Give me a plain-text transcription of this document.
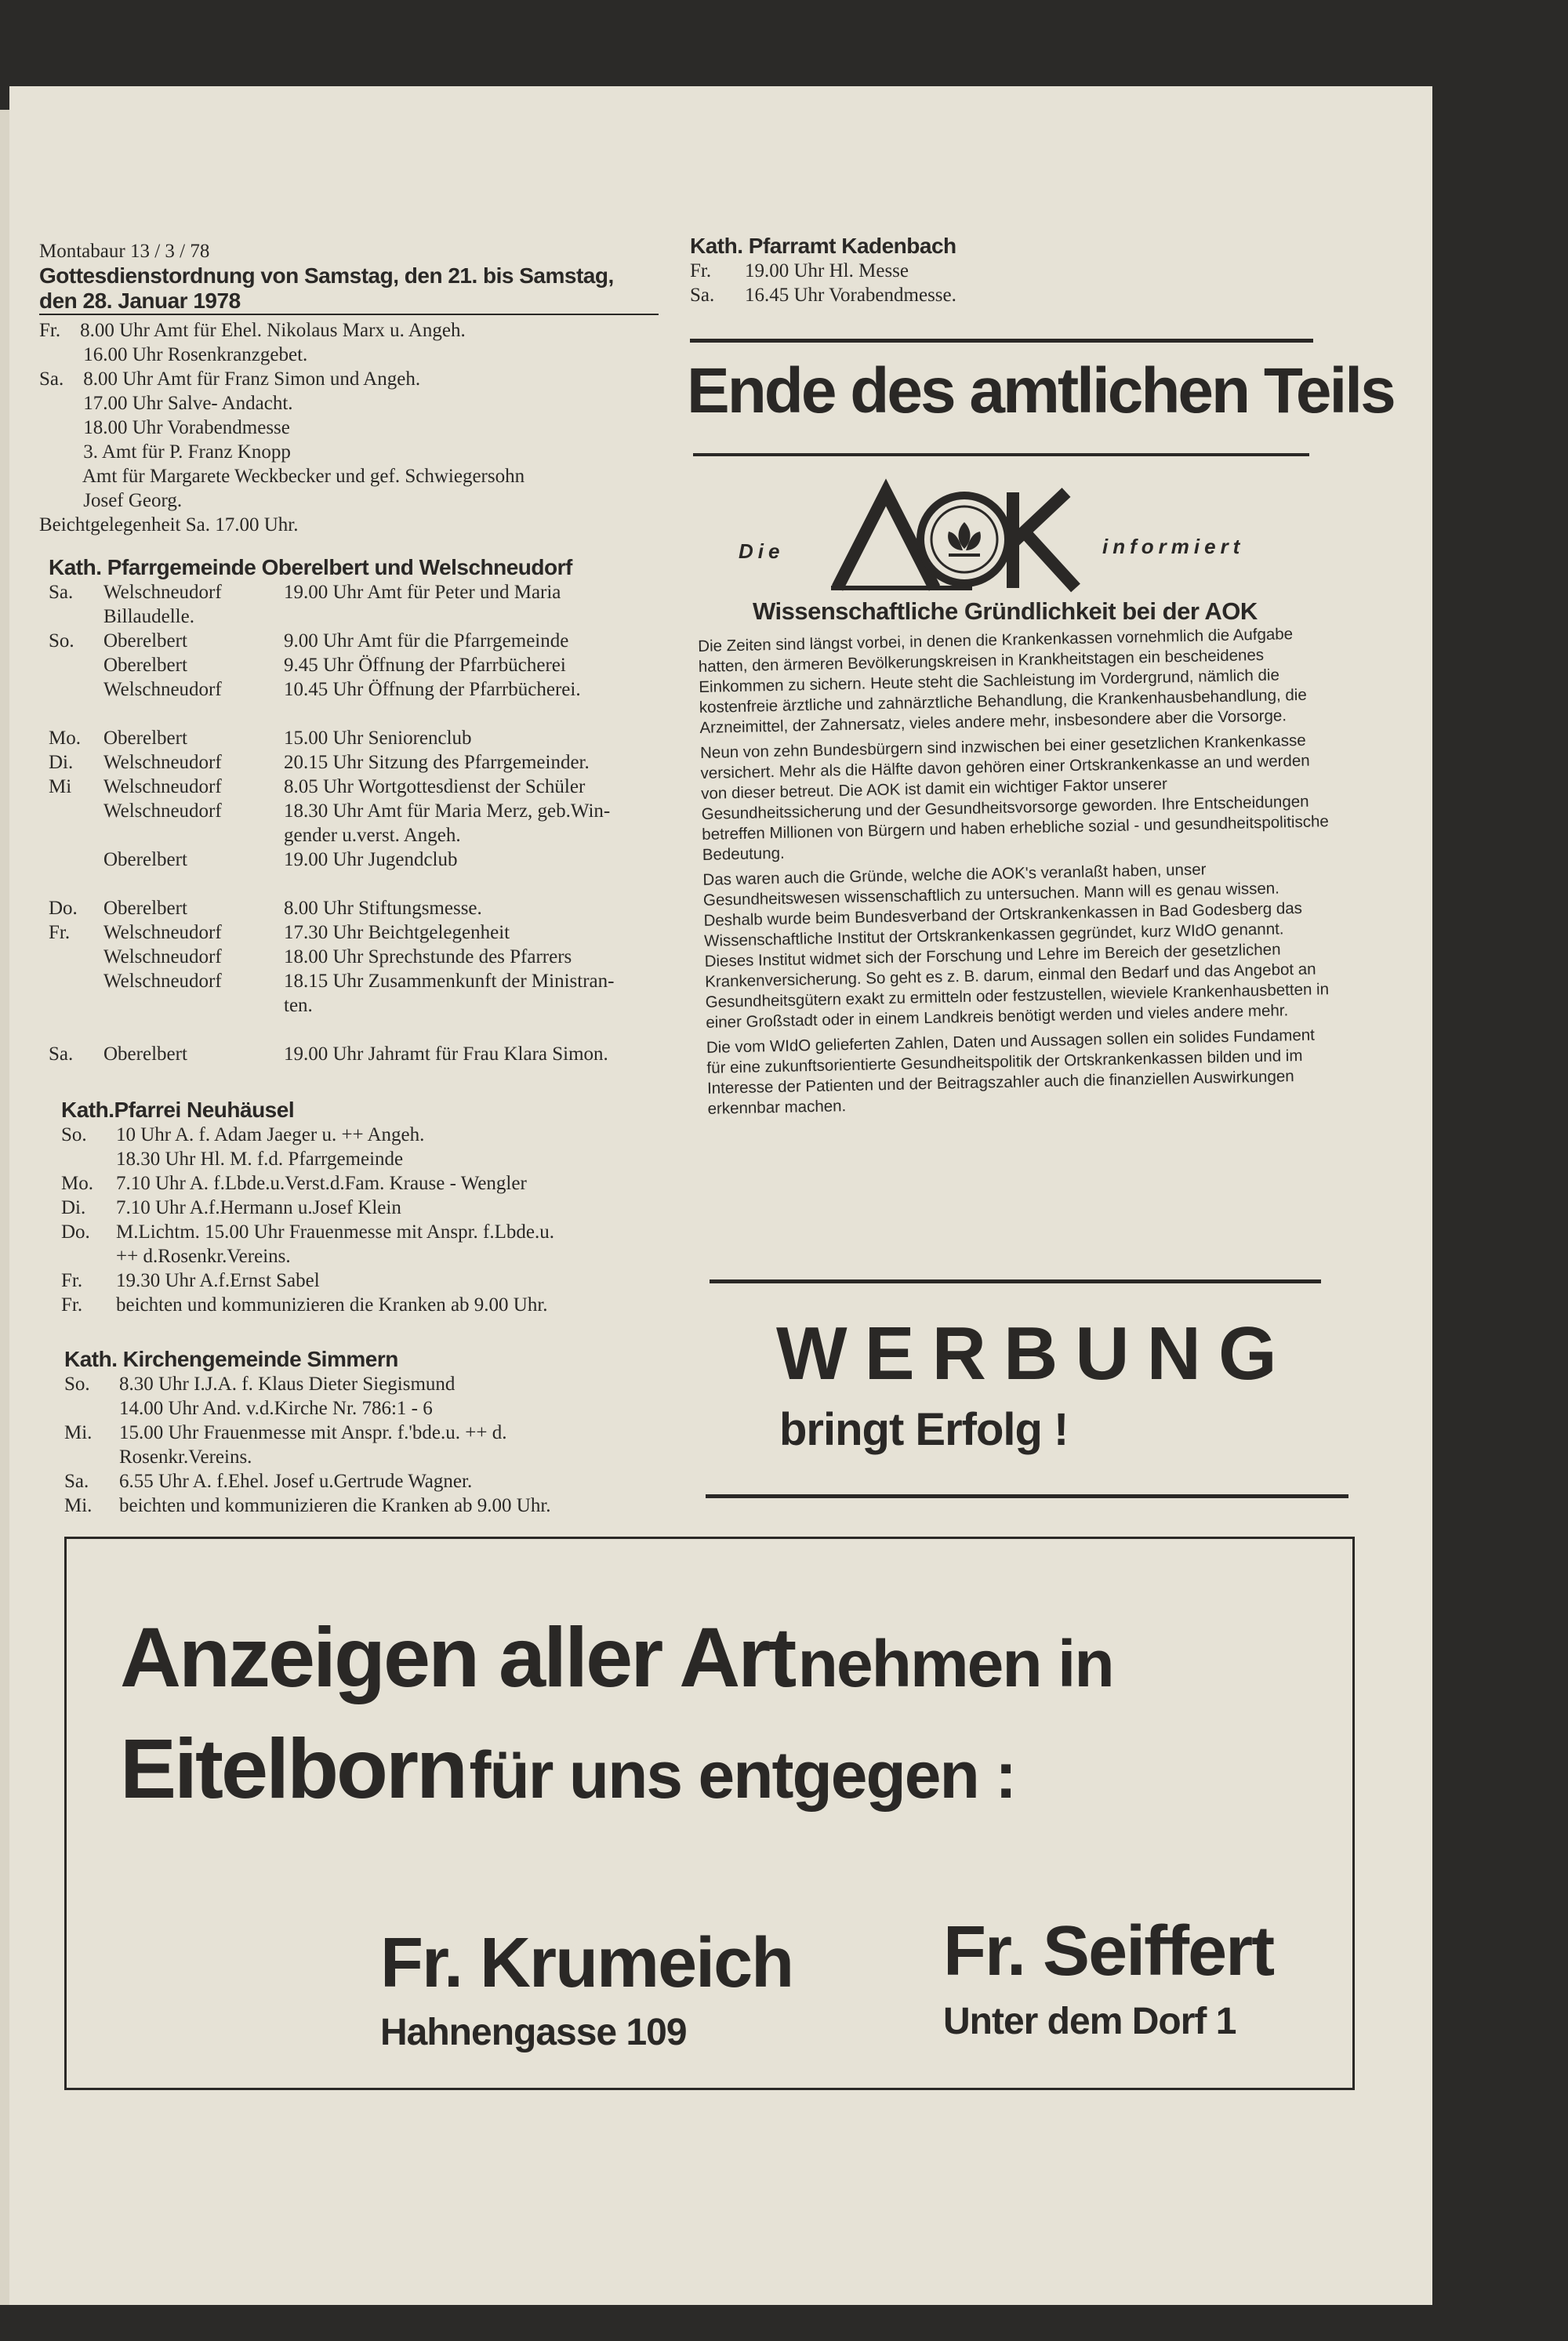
Montabaur 13 / 3 / 78
Gottesdienstordnung von Samstag, den 21. bis Samstag,
den 28. Januar 1978
Fr.    8.00 Uhr Amt für Ehel. Nikolaus Marx u. Angeh.
16.00 Uhr Rosenkranzgebet.
Sa.    8.00 Uhr Amt für Franz Simon und Angeh.
17.00 Uhr Salve- Andacht.
18.00 Uhr Vorabendmesse
3. Amt für P. Franz Knopp
Amt für Margarete Weckbecker und gef. Schwiegersohn
Josef Georg.
Beichtgelegenheit Sa. 17.00 Uhr.
Kath. Pfarrgemeinde Oberelbert und Welschneudorf
Sa.	Welschneudorf	19.00 Uhr Amt für Peter und Maria
Billaudelle.
So.	Oberelbert	9.00 Uhr Amt für die Pfarrgemeinde
Oberelbert	9.45 Uhr Öffnung der Pfarrbücherei
Welschneudorf	10.45 Uhr Öffnung der Pfarrbücherei.

Mo.	Oberelbert	15.00 Uhr Seniorenclub
Di.	Welschneudorf	20.15 Uhr Sitzung des Pfarrgemeinder.
Mi	Welschneudorf	8.05 Uhr Wortgottesdienst der Schüler
Welschneudorf	18.30 Uhr Amt für Maria Merz, geb.Win-
gender u.verst. Angeh.
Oberelbert	19.00 Uhr Jugendclub

Do.	Oberelbert	8.00 Uhr Stiftungsmesse.
Fr.	Welschneudorf	17.30 Uhr Beichtgelegenheit
Welschneudorf	18.00 Uhr Sprechstunde des Pfarrers
Welschneudorf	18.15 Uhr Zusammenkunft der Ministran-
ten.

Sa.	Oberelbert	19.00 Uhr Jahramt für Frau Klara Simon.
Kath.Pfarrei Neuhäusel
So.	10 Uhr A. f. Adam Jaeger u. ++ Angeh.
18.30 Uhr Hl. M. f.d. Pfarrgemeinde
Mo.	7.10 Uhr A. f.Lbde.u.Verst.d.Fam. Krause - Wengler
Di.	7.10 Uhr A.f.Hermann u.Josef Klein
Do.	M.Lichtm. 15.00 Uhr Frauenmesse mit Anspr. f.Lbde.u.
++ d.Rosenkr.Vereins.
Fr.	19.30 Uhr A.f.Ernst Sabel
Fr.	beichten und kommunizieren die Kranken ab 9.00 Uhr.
Kath. Kirchengemeinde Simmern
So.	8.30 Uhr I.J.A. f. Klaus Dieter Siegismund
14.00 Uhr And. v.d.Kirche Nr. 786:1 - 6
Mi.	15.00 Uhr Frauenmesse mit Anspr. f.'bde.u. ++ d.
Rosenkr.Vereins.
Sa.	6.55 Uhr A. f.Ehel. Josef u.Gertrude Wagner.
Mi.	beichten und kommunizieren die Kranken ab 9.00 Uhr.
Kath. Pfarramt Kadenbach
Fr.	19.00 Uhr Hl. Messe
Sa.	16.45 Uhr Vorabendmesse.
Ende des amtlichen Teils
Die	informiert
Wissenschaftliche Gründlichkeit bei der AOK

Die Zeiten sind längst vorbei, in denen die Krankenkassen vornehmlich die Aufgabe hatten, den ärmeren Bevölkerungskreisen in Krankheitstagen ein bescheidenes Einkommen zu sichern. Heute steht die Sachleistung im Vordergrund, nämlich die kostenfreie ärztliche und zahnärztliche Behandlung, die Krankenhausbehandlung, die Arzneimittel, der Zahnersatz, vieles andere mehr, insbesondere aber die Vorsorge.

Neun von zehn Bundesbürgern sind inzwischen bei einer gesetzlichen Krankenkasse versichert. Mehr als die Hälfte davon gehören einer Ortskrankenkasse an und werden von dieser betreut. Die AOK ist damit ein wichtiger Faktor unserer Gesundheitssicherung und der Gesundheitsvorsorge geworden. Ihre Entscheidungen betreffen Millionen von Bürgern und haben erhebliche sozial - und gesundheitspolitische Bedeutung.

Das waren auch die Gründe, welche die AOK's veranlaßt haben, unser Gesundheitswesen wissenschaftlich zu untersuchen. Mann will es genau wissen. Deshalb wurde beim Bundesverband der Ortskrankenkassen in Bad Godesberg das Wissenschaftliche Institut der Ortskrankenkassen gegründet, kurz WIdO genannt. Dieses Institut widmet sich der Forschung und Lehre im Bereich der gesetzlichen Krankenversicherung. So geht es z. B. darum, einmal den Bedarf und das Angebot an Gesundheitsgütern exakt zu ermitteln oder festzustellen, wieviele Krankenhausbetten in einer Großstadt oder in einem Landkreis benötigt werden und vieles andere mehr.

Die vom WIdO gelieferten Zahlen, Daten und Aussagen sollen ein solides Fundament für eine zukunftsorientierte Gesundheitspolitik der Ortskrankenkassen bilden und im Interesse der Patienten und der Beitragszahler auch die finanziellen Auswirkungen erkennbar machen.

WERBUNG
bringt Erfolg !
Anzeigen aller Art nehmen in
Eitelborn für uns entgegen :
Fr. Krumeich
Hahnengasse 109
Fr. Seiffert
Unter dem Dorf 1
